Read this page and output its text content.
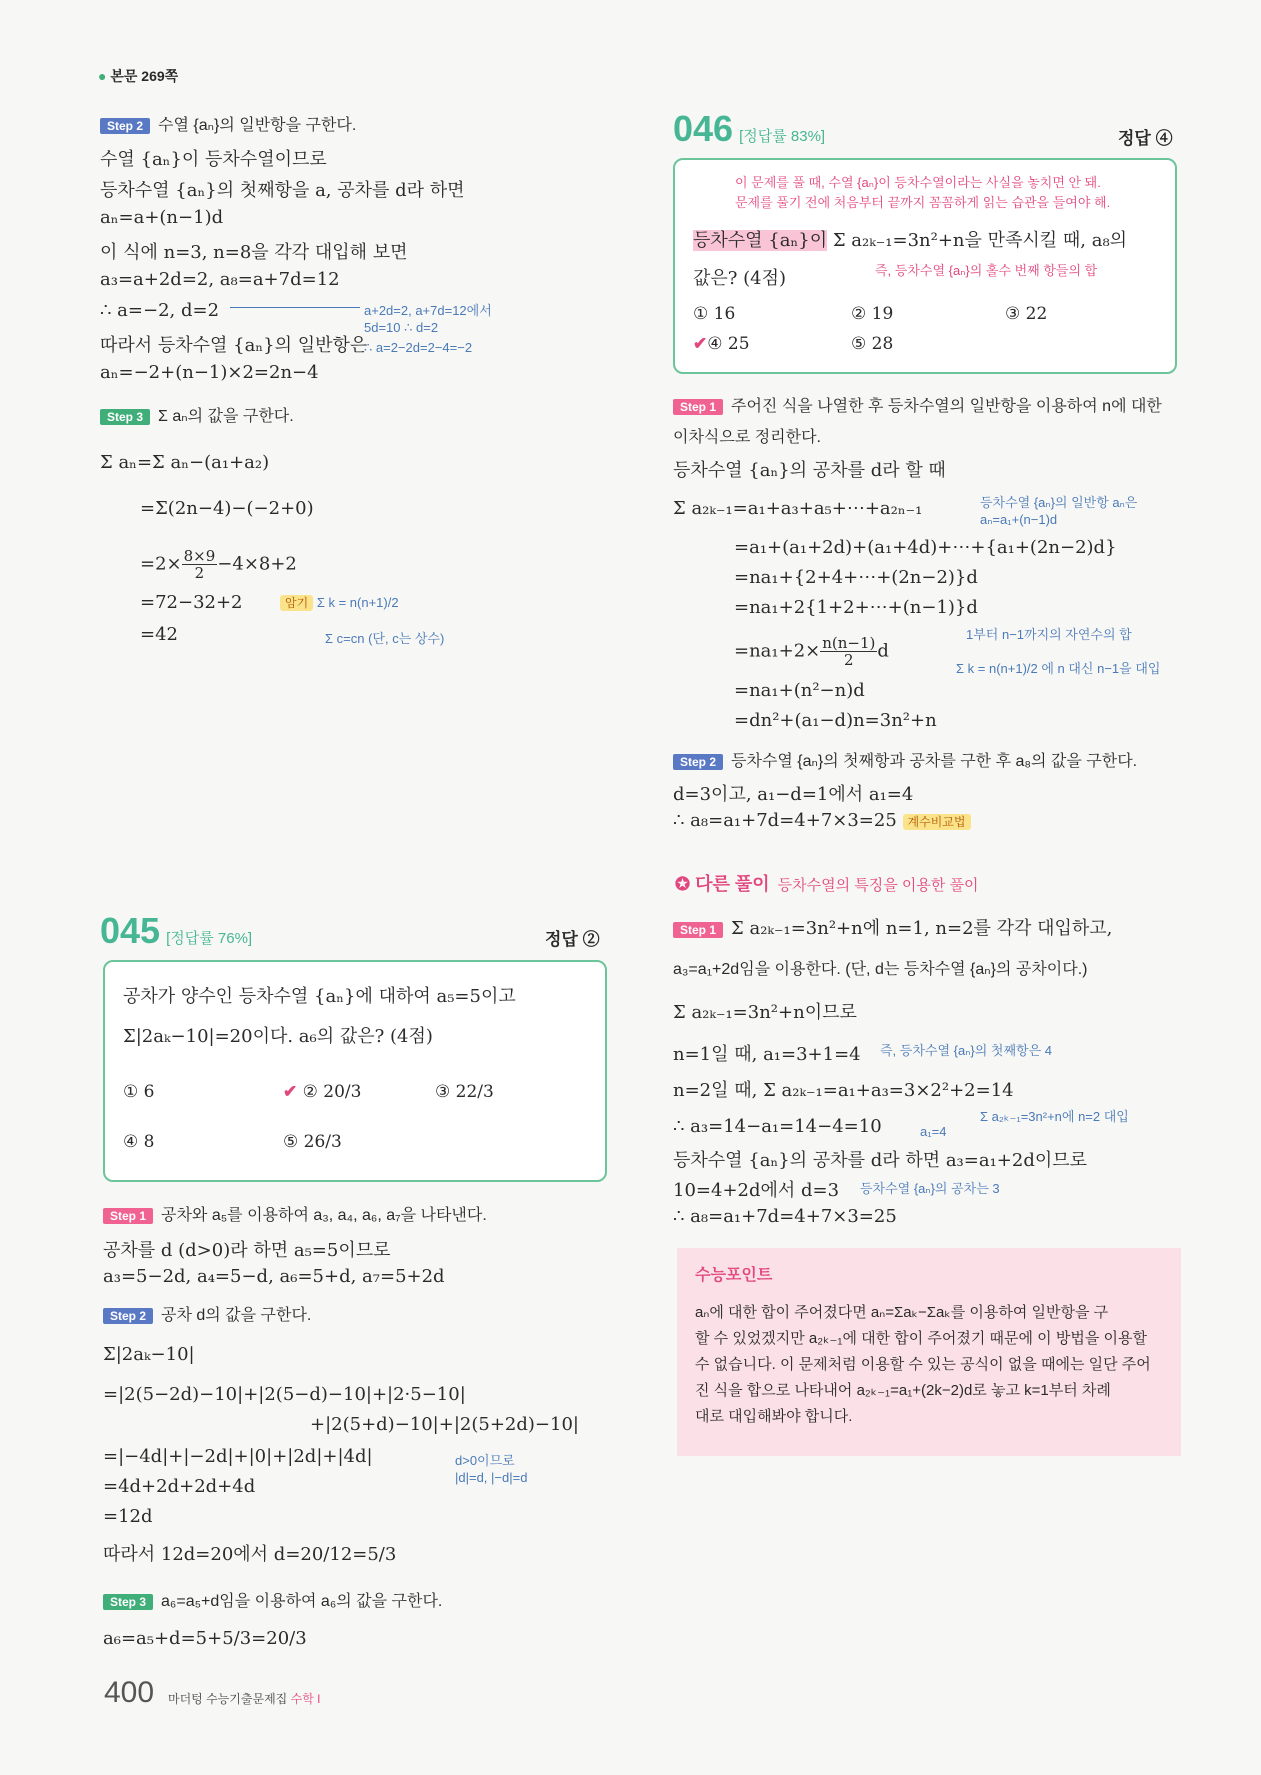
● 본문 269쪽
Step 2 수열 {aₙ}의 일반항을 구한다.
수열 {aₙ}이 등차수열이므로
등차수열 {aₙ}의 첫째항을 a, 공차를 d라 하면
aₙ=a+(n−1)d
이 식에 n=3, n=8을 각각 대입해 보면
a₃=a+2d=2, a₈=a+7d=12
∴ a=−2, d=2
따라서 등차수열 {aₙ}의 일반항은
aₙ=−2+(n−1)×2=2n−4
a+2d=2, a+7d=12에서
5d=10 ∴ d=2
∴ a=2−2d=2−4=−2
Step 3 Σ aₙ의 값을 구한다.
Σ aₙ=Σ aₙ−(a₁+a₂)
=Σ(2n−4)−(−2+0)
$=2\times \frac{8\times 9}{2} -4\times 8+2$
=72−32+2
=42
암기 Σ k = n(n+1)/2
Σ c=cn (단, c는 상수)
045 [정답률 76%]	정답 ②
공차가 양수인 등차수열 {aₙ}에 대하여 a₅=5이고
Σ|2aₖ−10|=20이다. a₆의 값은? (4점)
① 6	✔ ② 20/3	③ 22/3
④ 8	⑤ 26/3
Step 1 공차와 a₅를 이용하여 a₃, a₄, a₆, a₇을 나타낸다.
공차를 d (d>0)라 하면 a₅=5이므로
a₃=5−2d, a₄=5−d, a₆=5+d, a₇=5+2d
Step 2 공차 d의 값을 구한다.
Σ|2aₖ−10|
=|2(5−2d)−10|+|2(5−d)−10|+|2·5−10|
+|2(5+d)−10|+|2(5+2d)−10|
=|−4d|+|−2d|+|0|+|2d|+|4d|
=4d+2d+2d+4d
=12d
따라서 12d=20에서 d=20/12=5/3
d>0이므로
|d|=d, |−d|=d
Step 3 a₆=a₅+d임을 이용하여 a₆의 값을 구한다.
a₆=a₅+d=5+5/3=20/3
046 [정답률 83%]	정답 ④
이 문제를 풀 때, 수열 {aₙ}이 등차수열이라는 사실을 놓치면 안 돼.
문제를 풀기 전에 처음부터 끝까지 꼼꼼하게 읽는 습관을 들여야 해.
등차수열 {aₙ}이 Σ a₂ₖ₋₁=3n²+n을 만족시킬 때, a₈의
값은? (4점)	즉, 등차수열 {aₙ}의 홀수 번째 항들의 합
① 16	② 19	③ 22
✔④ 25	⑤ 28
Step 1 주어진 식을 나열한 후 등차수열의 일반항을 이용하여 n에 대한
이차식으로 정리한다.
등차수열 {aₙ}의 공차를 d라 할 때
Σ a₂ₖ₋₁=a₁+a₃+a₅+⋯+a₂ₙ₋₁
=a₁+(a₁+2d)+(a₁+4d)+⋯+{a₁+(2n−2)d}
=na₁+{2+4+⋯+(2n−2)}d
=na₁+2{1+2+⋯+(n−1)}d
$=na_1+2\times \frac{n(n-1)}{2}$ d
=na₁+(n²−n)d
=dn²+(a₁−d)n=3n²+n
등차수열 {aₙ}의 일반항 aₙ은
aₙ=a₁+(n−1)d
1부터 n−1까지의 자연수의 합
Σ k = n(n+1)/2 에 n 대신 n−1을 대입
Step 2 등차수열 {aₙ}의 첫째항과 공차를 구한 후 a₈의 값을 구한다.
d=3이고, a₁−d=1에서 a₁=4
∴ a₈=a₁+7d=4+7×3=25 계수비교법
✪ 다른 풀이 등차수열의 특징을 이용한 풀이
Step 1 Σ a₂ₖ₋₁=3n²+n에 n=1, n=2를 각각 대입하고,
a₃=a₁+2d임을 이용한다. (단, d는 등차수열 {aₙ}의 공차이다.)
Σ a₂ₖ₋₁=3n²+n이므로
n=1일 때, a₁=3+1=4
n=2일 때, Σ a₂ₖ₋₁=a₁+a₃=3×2²+2=14
∴ a₃=14−a₁=14−4=10
등차수열 {aₙ}의 공차를 d라 하면 a₃=a₁+2d이므로
10=4+2d에서 d=3
∴ a₈=a₁+7d=4+7×3=25
즉, 등차수열 {aₙ}의 첫째항은 4
Σ a₂ₖ₋₁=3n²+n에 n=2 대입
a₁=4
등차수열 {aₙ}의 공차는 3
수능포인트
aₙ에 대한 합이 주어졌다면 aₙ=Σaₖ−Σaₖ를 이용하여 일반항을 구
할 수 있었겠지만 a₂ₖ₋₁에 대한 합이 주어졌기 때문에 이 방법을 이용할
수 없습니다. 이 문제처럼 이용할 수 있는 공식이 없을 때에는 일단 주어
진 식을 합으로 나타내어 a₂ₖ₋₁=a₁+(2k−2)d로 놓고 k=1부터 차례
대로 대입해봐야 합니다.
400 마더텅 수능기출문제집 수학 I
